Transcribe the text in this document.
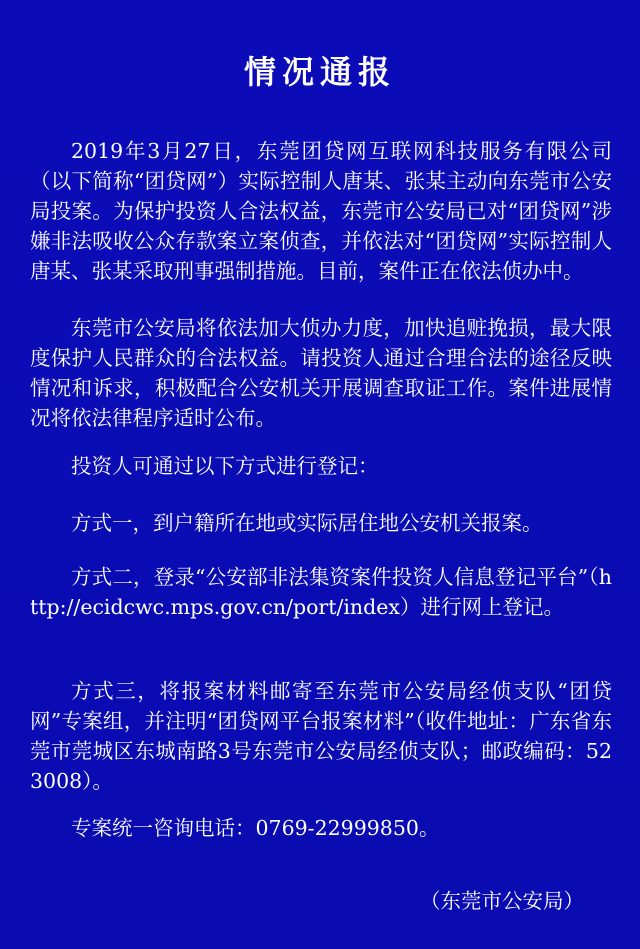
情况通报

2019年3月27日，东莞团贷网互联网科技服务有限公司（以下简称“团贷网”）实际控制人唐某、张某主动向东莞市公安局投案。为保护投资人合法权益，东莞市公安局已对“团贷网”涉嫌非法吸收公众存款案立案侦查，并依法对“团贷网”实际控制人唐某、张某采取刑事强制措施。目前，案件正在依法侦办中。

东莞市公安局将依法加大侦办力度，加快追赃挽损，最大限度保护人民群众的合法权益。请投资人通过合理合法的途径反映情况和诉求，积极配合公安机关开展调查取证工作。案件进展情况将依法律程序适时公布。

投资人可通过以下方式进行登记：

方式一，到户籍所在地或实际居住地公安机关报案。

方式二，登录“公安部非法集资案件投资人信息登记平台”（http://ecidcwc.mps.gov.cn/port/index）进行网上登记。

方式三，将报案材料邮寄至东莞市公安局经侦支队“团贷网”专案组，并注明“团贷网平台报案材料”（收件地址：广东省东莞市莞城区东城南路3号东莞市公安局经侦支队；邮政编码：523008）。

专案统一咨询电话：0769-22999850。

（东莞市公安局）
